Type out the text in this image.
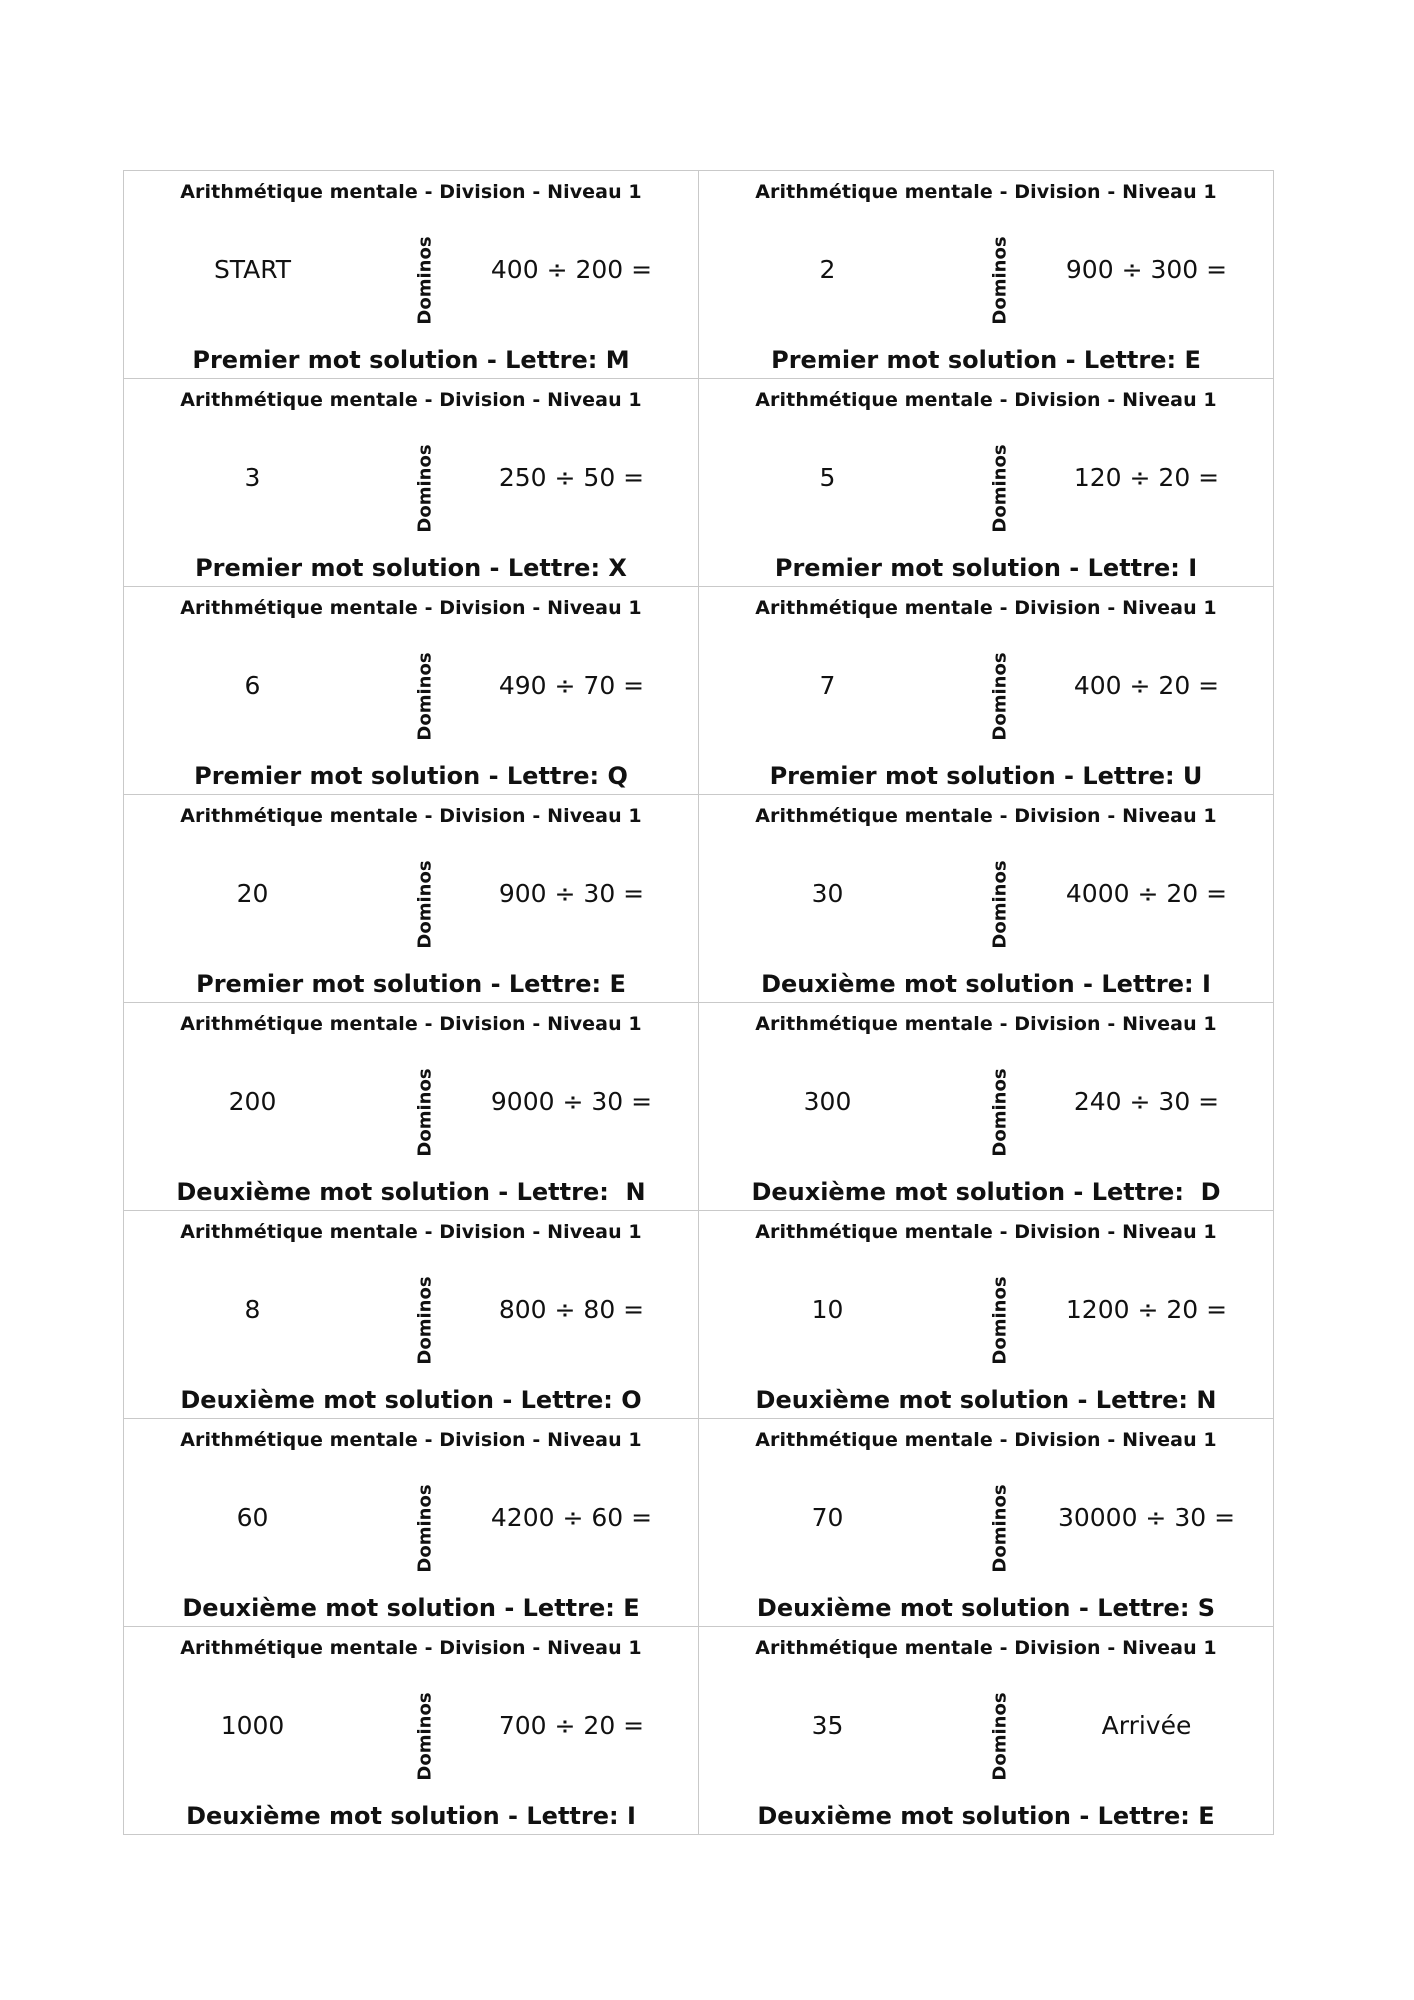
Arithmétique mentale - Division - Niveau 1
START	Dominos	400 ÷ 200 =
Premier mot solution - Lettre: M
Arithmétique mentale - Division - Niveau 1
2	Dominos	900 ÷ 300 =
Premier mot solution - Lettre: E
Arithmétique mentale - Division - Niveau 1
3	Dominos	250 ÷ 50 =
Premier mot solution - Lettre: X
Arithmétique mentale - Division - Niveau 1
5	Dominos	120 ÷ 20 =
Premier mot solution - Lettre: I
Arithmétique mentale - Division - Niveau 1
6	Dominos	490 ÷ 70 =
Premier mot solution - Lettre: Q
Arithmétique mentale - Division - Niveau 1
7	Dominos	400 ÷ 20 =
Premier mot solution - Lettre: U
Arithmétique mentale - Division - Niveau 1
20	Dominos	900 ÷ 30 =
Premier mot solution - Lettre: E
Arithmétique mentale - Division - Niveau 1
30	Dominos	4000 ÷ 20 =
Deuxième mot solution - Lettre: I
Arithmétique mentale - Division - Niveau 1
200	Dominos	9000 ÷ 30 =
Deuxième mot solution - Lettre:  N
Arithmétique mentale - Division - Niveau 1
300	Dominos	240 ÷ 30 =
Deuxième mot solution - Lettre:  D
Arithmétique mentale - Division - Niveau 1
8	Dominos	800 ÷ 80 =
Deuxième mot solution - Lettre: O
Arithmétique mentale - Division - Niveau 1
10	Dominos	1200 ÷ 20 =
Deuxième mot solution - Lettre: N
Arithmétique mentale - Division - Niveau 1
60	Dominos	4200 ÷ 60 =
Deuxième mot solution - Lettre: E
Arithmétique mentale - Division - Niveau 1
70	Dominos	30000 ÷ 30 =
Deuxième mot solution - Lettre: S
Arithmétique mentale - Division - Niveau 1
1000	Dominos	700 ÷ 20 =
Deuxième mot solution - Lettre: I
Arithmétique mentale - Division - Niveau 1
35	Dominos	Arrivée
Deuxième mot solution - Lettre: E
